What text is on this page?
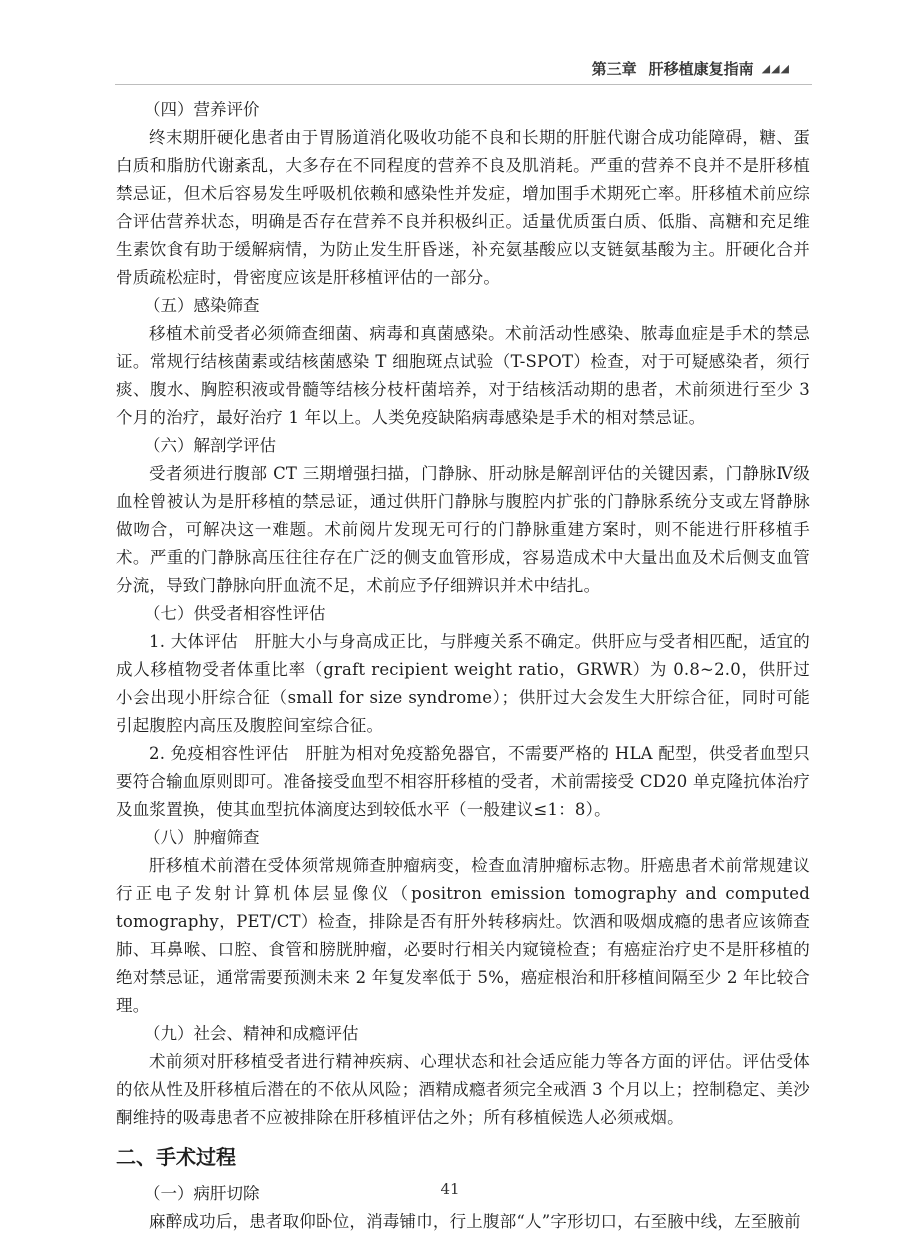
第三章 肝移植康复指南 ◢◢◢
（四）营养评价

终末期肝硬化患者由于胃肠道消化吸收功能不良和长期的肝脏代谢合成功能障碍，糖、蛋白质和脂肪代谢紊乱，大多存在不同程度的营养不良及肌消耗。严重的营养不良并不是肝移植禁忌证，但术后容易发生呼吸机依赖和感染性并发症，增加围手术期死亡率。肝移植术前应综合评估营养状态，明确是否存在营养不良并积极纠正。适量优质蛋白质、低脂、高糖和充足维生素饮食有助于缓解病情，为防止发生肝昏迷，补充氨基酸应以支链氨基酸为主。肝硬化合并骨质疏松症时，骨密度应该是肝移植评估的一部分。

（五）感染筛查

移植术前受者必须筛查细菌、病毒和真菌感染。术前活动性感染、脓毒血症是手术的禁忌证。常规行结核菌素或结核菌感染 T 细胞斑点试验（T-SPOT）检查，对于可疑感染者，须行痰、腹水、胸腔积液或骨髓等结核分枝杆菌培养，对于结核活动期的患者，术前须进行至少 3 个月的治疗，最好治疗 1 年以上。人类免疫缺陷病毒感染是手术的相对禁忌证。

（六）解剖学评估

受者须进行腹部 CT 三期增强扫描，门静脉、肝动脉是解剖评估的关键因素，门静脉Ⅳ级血栓曾被认为是肝移植的禁忌证，通过供肝门静脉与腹腔内扩张的门静脉系统分支或左肾静脉做吻合，可解决这一难题。术前阅片发现无可行的门静脉重建方案时，则不能进行肝移植手术。严重的门静脉高压往往存在广泛的侧支血管形成，容易造成术中大量出血及术后侧支血管分流，导致门静脉向肝血流不足，术前应予仔细辨识并术中结扎。

（七）供受者相容性评估

1. 大体评估　肝脏大小与身高成正比，与胖瘦关系不确定。供肝应与受者相匹配，适宜的成人移植物受者体重比率（graft recipient weight ratio，GRWR）为 0.8~2.0，供肝过小会出现小肝综合征（small for size syndrome）；供肝过大会发生大肝综合征，同时可能引起腹腔内高压及腹腔间室综合征。

2. 免疫相容性评估　肝脏为相对免疫豁免器官，不需要严格的 HLA 配型，供受者血型只要符合输血原则即可。准备接受血型不相容肝移植的受者，术前需接受 CD20 单克隆抗体治疗及血浆置换，使其血型抗体滴度达到较低水平（一般建议≤1：8）。

（八）肿瘤筛查

肝移植术前潜在受体须常规筛查肿瘤病变，检查血清肿瘤标志物。肝癌患者术前常规建议行正电子发射计算机体层显像仪（positron emission tomography and computed tomography，PET/CT）检查，排除是否有肝外转移病灶。饮酒和吸烟成瘾的患者应该筛查肺、耳鼻喉、口腔、食管和膀胱肿瘤，必要时行相关内窥镜检查；有癌症治疗史不是肝移植的绝对禁忌证，通常需要预测未来 2 年复发率低于 5%，癌症根治和肝移植间隔至少 2 年比较合理。

（九）社会、精神和成瘾评估

术前须对肝移植受者进行精神疾病、心理状态和社会适应能力等各方面的评估。评估受体的依从性及肝移植后潜在的不依从风险；酒精成瘾者须完全戒酒 3 个月以上；控制稳定、美沙酮维持的吸毒患者不应被排除在肝移植评估之外；所有移植候选人必须戒烟。

二、手术过程
（一）病肝切除

麻醉成功后，患者取仰卧位，消毒铺巾，行上腹部“人”字形切口，右至腋中线，左至腋前

41
